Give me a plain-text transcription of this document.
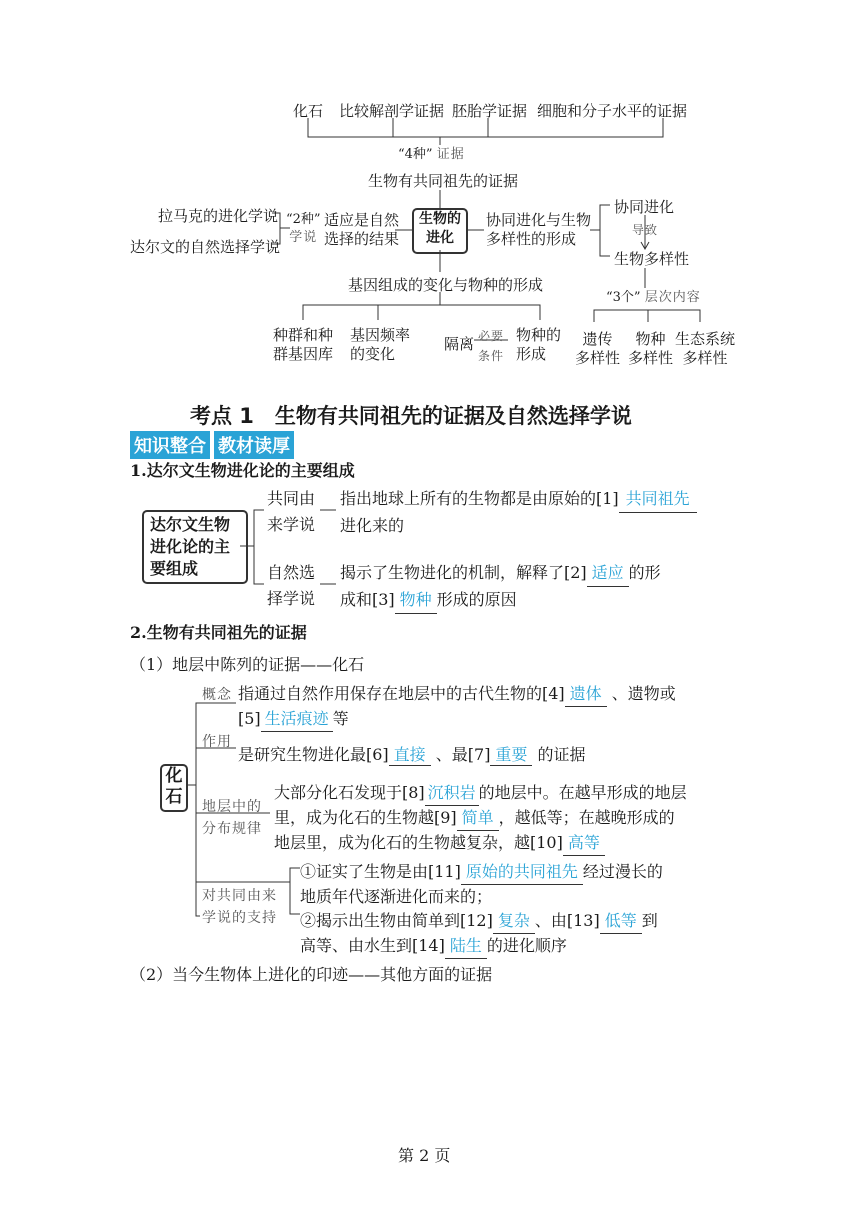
化石 比较解剖学证据 胚胎学证据 细胞和分子水平的证据
“4种” 证据
生物有共同祖先的证据
拉马克的进化学说
达尔文的自然选择学说
“2种”
学说
适应是自然
选择的结果
生物的
进化
协同进化与生物
多样性的形成
协同进化
导致
生物多样性
基因组成的变化与物种的形成
“3个” 层次内容
种群和种
群基因库
基因频率
的变化
隔离 必要
条件
物种的
形成
遗传
多样性
物种
多样性
生态系统
多样性
考点 1　生物有共同祖先的证据及自然选择学说
知识整合 教材读厚
1.达尔文生物进化论的主要组成
达尔文生物
进化论的主
要组成
共同由
来学说
指出地球上所有的生物都是由原始的[1] 共同祖先
进化来的
自然选
择学说
揭示了生物进化的机制，解释了[2] 适应 的形
成和[3] 物种 形成的原因
2.生物有共同祖先的证据
（1）地层中陈列的证据——化石
化
石
概念 指通过自然作用保存在地层中的古代生物的[4] 遗体 、遗物或
[5] 生活痕迹 等
作用
是研究生物进化最[6] 直接 、最[7] 重要 的证据
地层中的
分布规律
大部分化石发现于[8] 沉积岩 的地层中。在越早形成的地层
里，成为化石的生物越[9] 简单 ，越低等；在越晚形成的
地层里，成为化石的生物越复杂，越[10] 高等
对共同由来
学说的支持
①证实了生物是由[11] 原始的共同祖先 经过漫长的
地质年代逐渐进化而来的；
②揭示出生物由简单到[12] 复杂 、由[13] 低等 到
高等、由水生到[14] 陆生 的进化顺序
（2）当今生物体上进化的印迹——其他方面的证据
第 2 页
